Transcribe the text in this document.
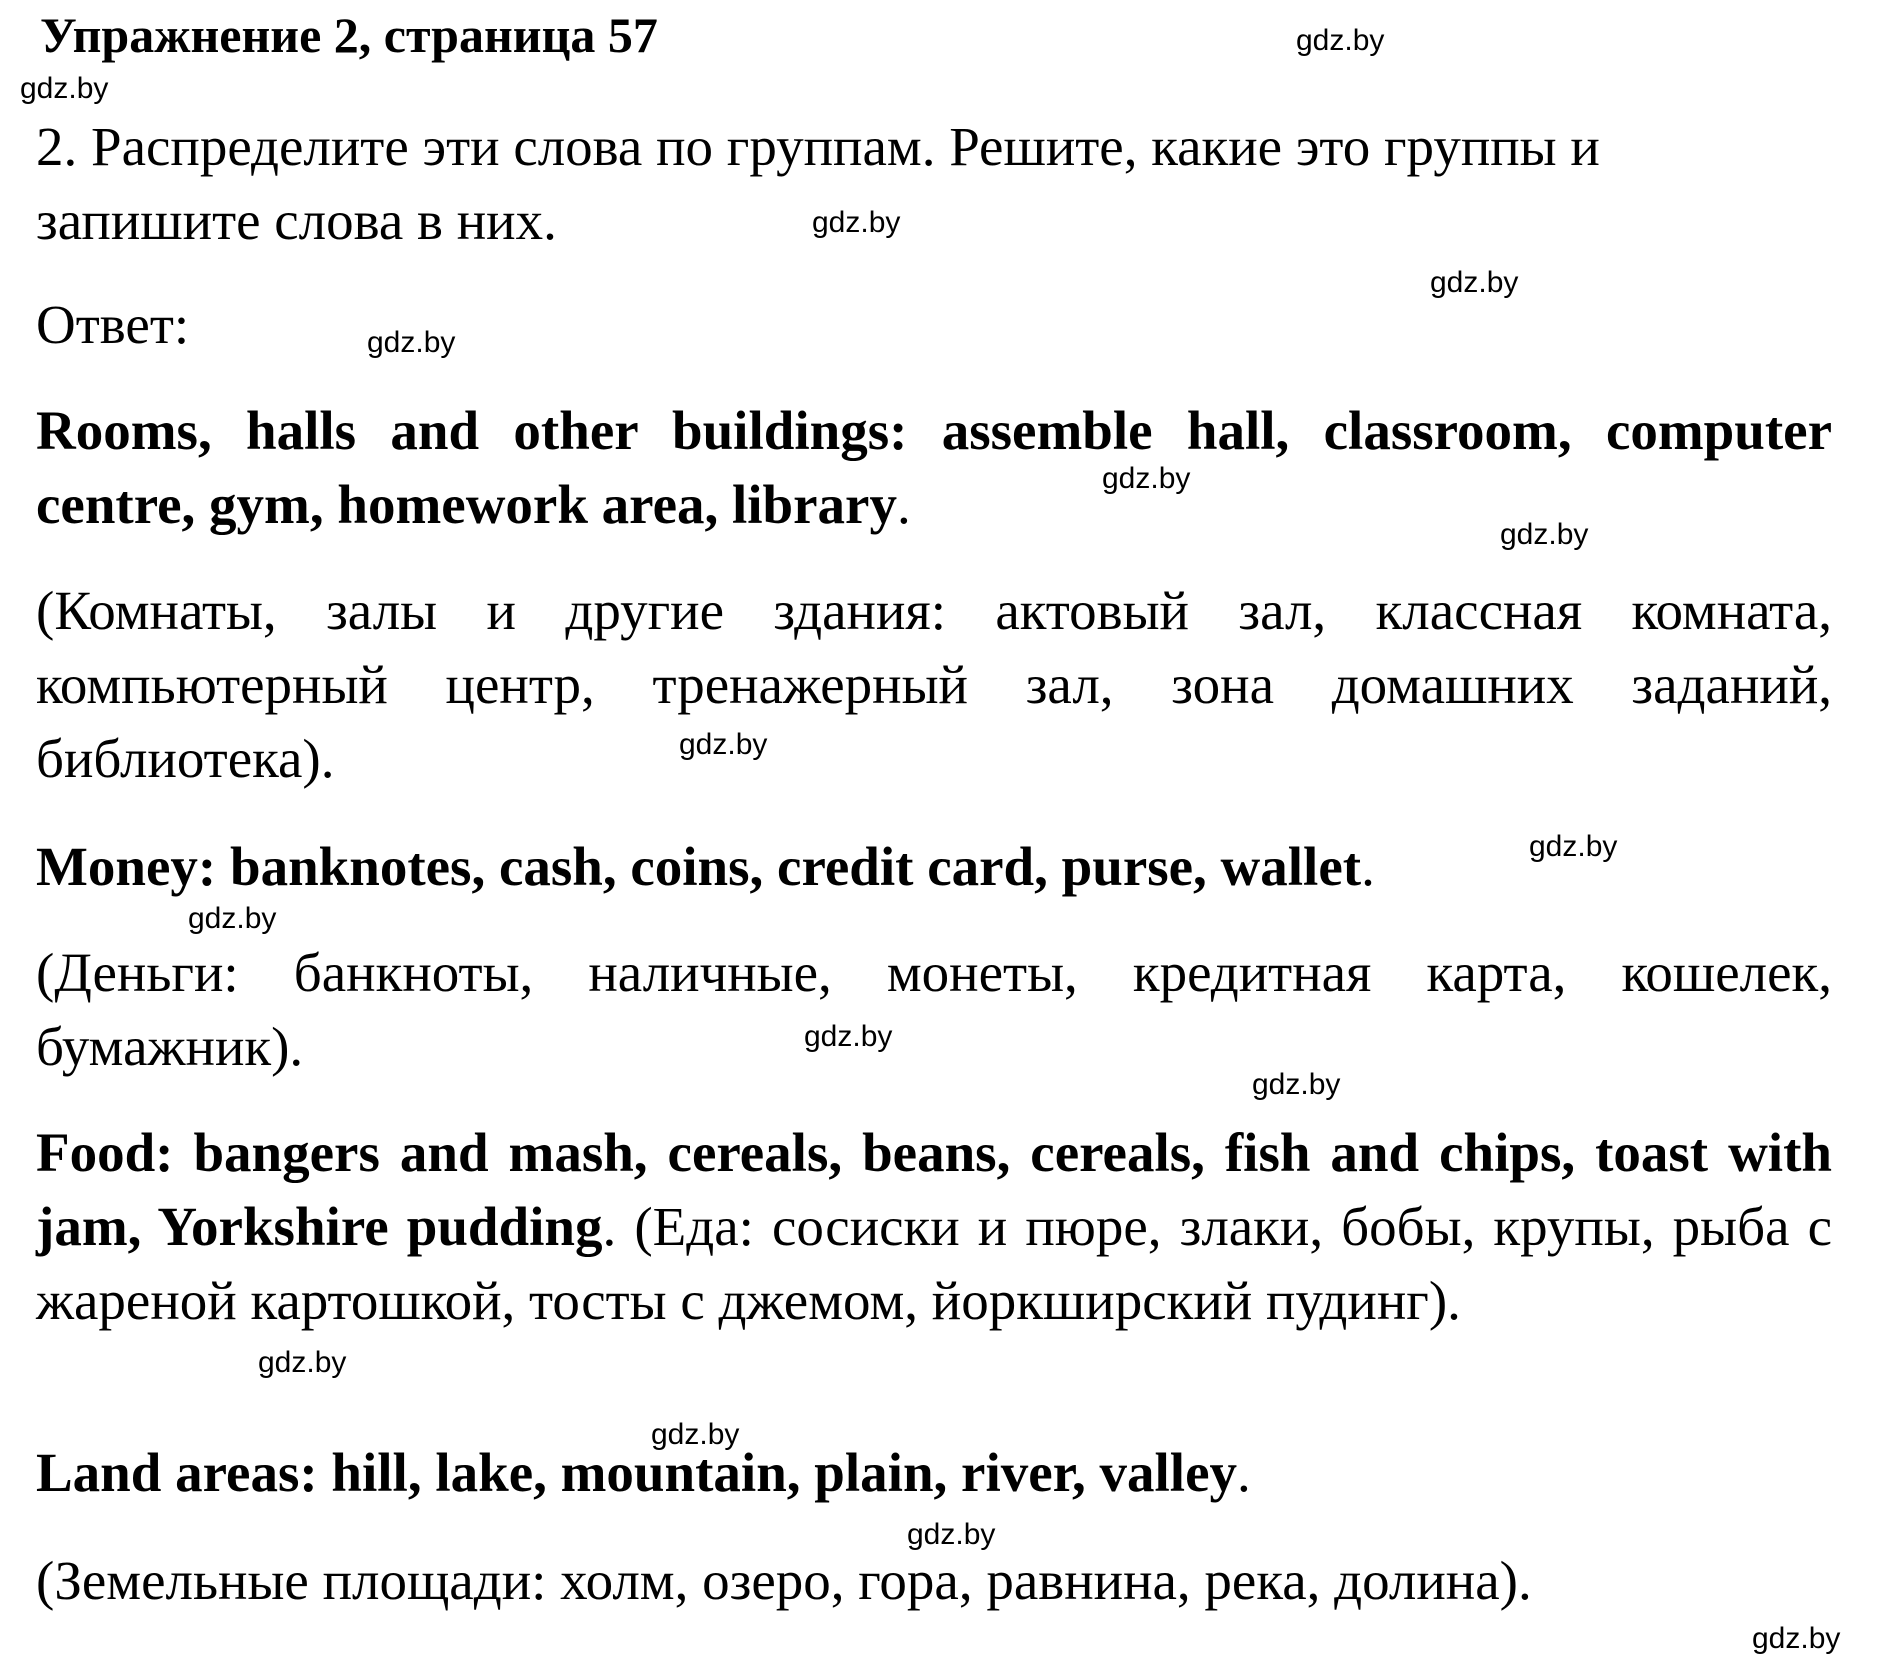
Упражнение 2, страница 57
2. Распределите эти слова по группам. Решите, какие это группы и запишите слова в них.
Ответ:
Rooms, halls and other buildings: assemble hall, classroom, computer centre, gym, homework area, library.
(Комнаты, залы и другие здания: актовый зал, классная комната, компьютерный центр, тренажерный зал, зона домашних заданий, библиотека).
Money: banknotes, cash, coins, credit card, purse, wallet.
(Деньги: банкноты, наличные, монеты, кредитная карта, кошелек, бумажник).
Food: bangers and mash, cereals, beans, cereals, fish and chips, toast with jam, Yorkshire pudding. (Еда: сосиски и пюре, злаки, бобы, крупы, рыба с жареной картошкой, тосты с джемом, йоркширский пудинг).
Land areas: hill, lake, mountain, plain, river, valley.
(Земельные площади: холм, озеро, гора, равнина, река, долина).
gdz.by
gdz.by
gdz.by
gdz.by
gdz.by
gdz.by
gdz.by
gdz.by
gdz.by
gdz.by
gdz.by
gdz.by
gdz.by
gdz.by
gdz.by
gdz.by
